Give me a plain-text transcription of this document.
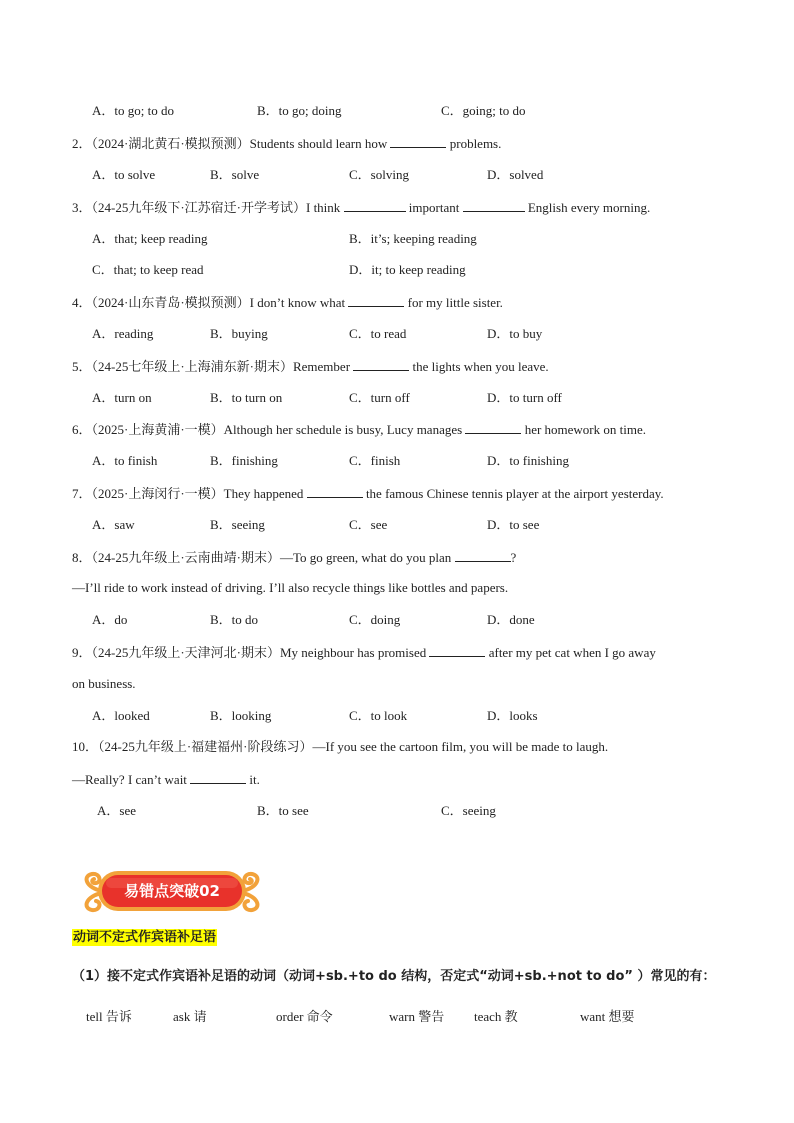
A．to go; to do	B．to go; doing	C．going; to do
2．（2024·湖北黄石·模拟预测）Students should learn how	problems.
A．to solve	B．solve	C．solving	D．solved
3．（24-25九年级下·江苏宿迁·开学考试）I think	important	English every morning.
A．that; keep reading	B．it’s; keeping reading
C．that; to keep read	D．it; to keep reading
4．（2024·山东青岛·模拟预测）I don’t know what	for my little sister.
A．reading	B．buying	C．to read	D．to buy
5．（24-25七年级上·上海浦东新·期末）Remember	the lights when you leave.
A．turn on	B．to turn on	C．turn off	D．to turn off
6．（2025·上海黄浦·一模）Although her schedule is busy, Lucy manages	her homework on time.
A．to finish	B．finishing	C．finish	D．to finishing
7．（2025·上海闵行·一模）They happened	the famous Chinese tennis player at the airport yesterday.
A．saw	B．seeing	C．see	D．to see
8．（24-25九年级上·云南曲靖·期末）—To go green, what do you plan	?
—I’ll ride to work instead of driving. I’ll also recycle things like bottles and papers.
A．do	B．to do	C．doing	D．done
9．（24-25九年级上·天津河北·期末）My neighbour has promised	after my pet cat when I go away
on business.
A．looked	B．looking	C．to look	D．looks
10．（24-25九年级上·福建福州·阶段练习）—If you see the cartoon film, you will be made to laugh.
—Really? I can’t wait	it.
A．see	B．to see	C．seeing
易错点突破02
动词不定式作宾语补足语
（1）接不定式作宾语补足语的动词（动词+sb.+to do 结构，否定式“动词+sb.+not to do” ）常见的有：
tell 告诉	ask 请	order 命令	warn 警告 teach 教	want 想要
